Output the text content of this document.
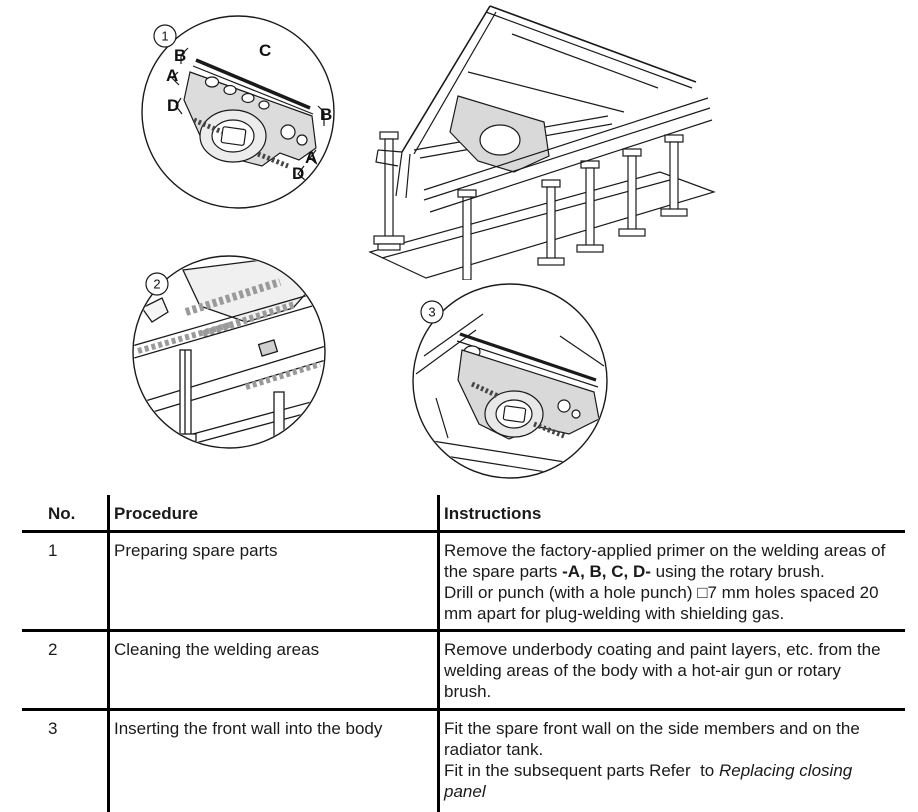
1
B
A
C
D	B
A
D
2
3
No.	Procedure	Instructions
1	Preparing spare parts	Remove the factory-applied primer on the welding areas of the spare parts -A, B, C, D- using the rotary brush.

Drill or punch (with a hole punch) □7 mm holes spaced 20 mm apart for plug-welding with shielding gas.

2	Cleaning the welding areas	Remove underbody coating and paint layers, etc. from the welding areas of the body with a hot-air gun or rotary brush.

3	Inserting the front wall into the body	Fit the spare front wall on the side members and on the radiator tank.

Fit in the subsequent parts Refer  to Replacing closing panel
